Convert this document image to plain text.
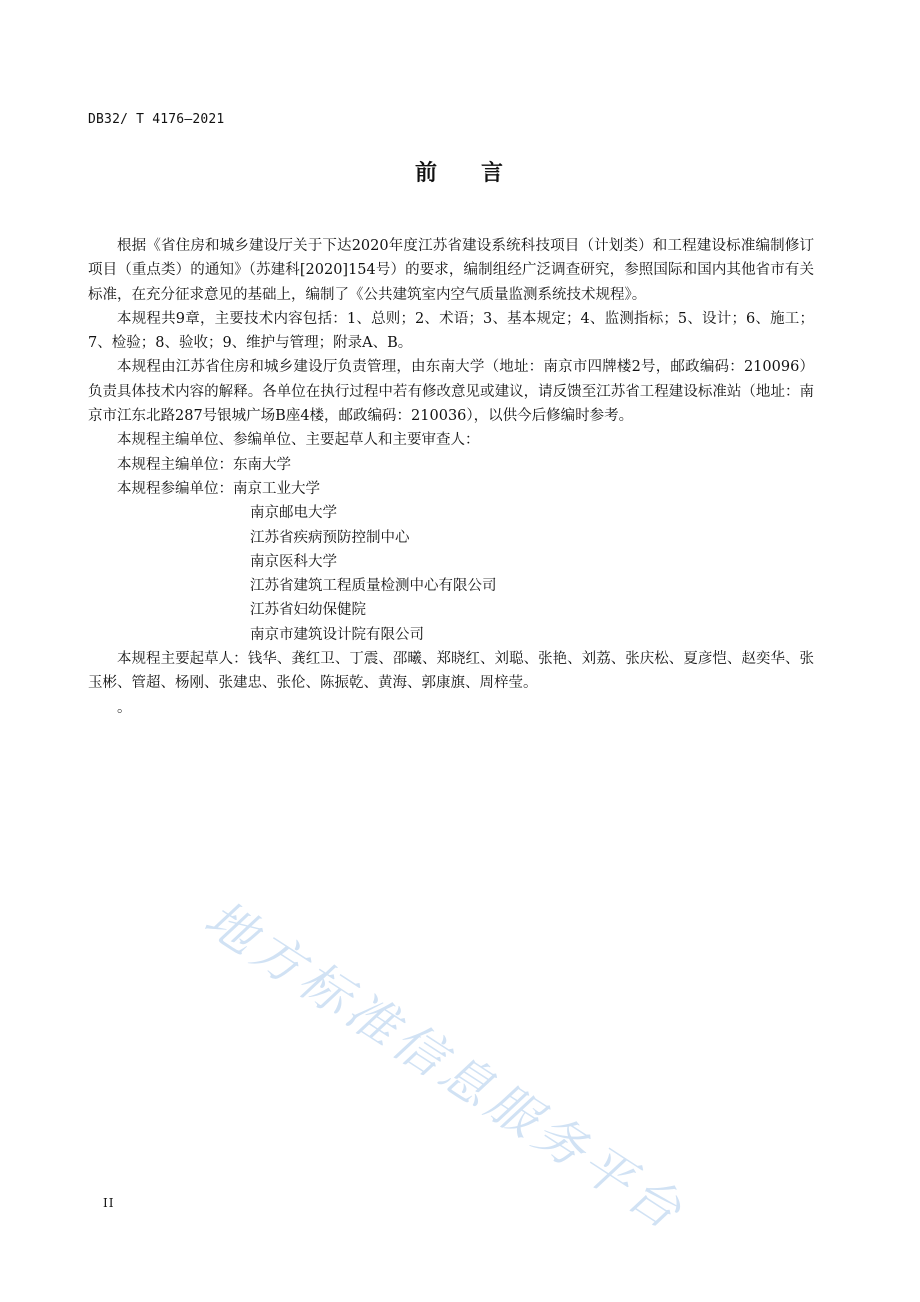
DB32/ T 4176—2021
前 言

根据《省住房和城乡建设厅关于下达2020年度江苏省建设系统科技项目（计划类）和工程建设标准编制修订项目（重点类）的通知》（苏建科[2020]154号）的要求，编制组经广泛调查研究，参照国际和国内其他省市有关标准，在充分征求意见的基础上，编制了《公共建筑室内空气质量监测系统技术规程》。

本规程共9章，主要技术内容包括：1、总则；2、术语；3、基本规定；4、监测指标；5、设计；6、施工；7、检验；8、验收；9、维护与管理；附录A、B。

本规程由江苏省住房和城乡建设厅负责管理，由东南大学（地址：南京市四牌楼2号，邮政编码：210096）负责具体技术内容的解释。各单位在执行过程中若有修改意见或建议，请反馈至江苏省工程建设标准站（地址：南京市江东北路287号银城广场B座4楼，邮政编码：210036），以供今后修编时参考。

本规程主编单位、参编单位、主要起草人和主要审查人：

本规程主编单位：东南大学

本规程参编单位：南京工业大学

南京邮电大学

江苏省疾病预防控制中心

南京医科大学

江苏省建筑工程质量检测中心有限公司

江苏省妇幼保健院

南京市建筑设计院有限公司

本规程主要起草人：钱华、龚红卫、丁震、邵曦、郑晓红、刘聪、张艳、刘荔、张庆松、夏彦恺、赵奕华、张玉彬、管超、杨刚、张建忠、张伦、陈振乾、黄海、郭康旗、周梓莹。

。

地方标准信息服务平台
II
